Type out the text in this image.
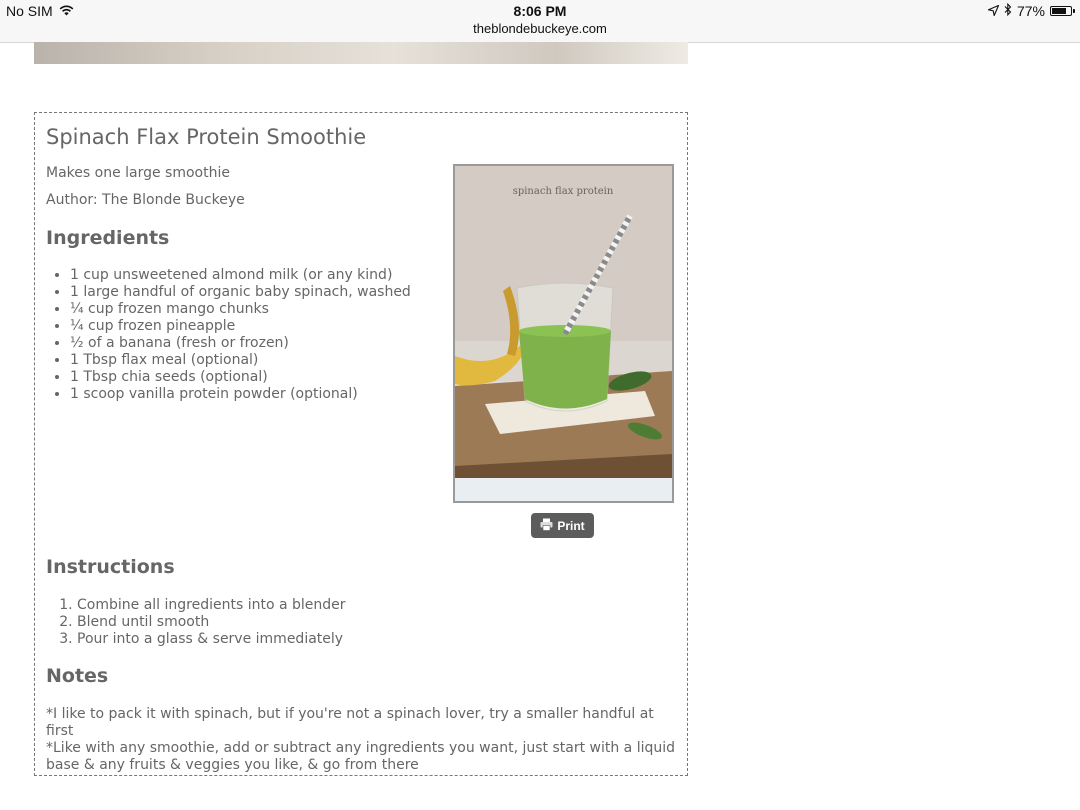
No SIM	8:06 PM
theblondebuckeye.com
77%
Spinach Flax Protein Smoothie

Makes one large smoothie

Author: The Blonde Buckeye

Ingredients
• 1 cup unsweetened almond milk (or any kind)
• 1 large handful of organic baby spinach, washed
• ¼ cup frozen mango chunks
• ¼ cup frozen pineapple
• ½ of a banana (fresh or frozen)
• 1 Tbsp flax meal (optional)
• 1 Tbsp chia seeds (optional)
• 1 scoop vanilla protein powder (optional)
spinach flax protein
Print
Instructions
1. Combine all ingredients into a blender
2. Blend until smooth
3. Pour into a glass & serve immediately
Notes
*I like to pack it with spinach, but if you're not a spinach lover, try a smaller handful at first
*Like with any smoothie, add or subtract any ingredients you want, just start with a liquid base & any fruits & veggies you like, & go from there
